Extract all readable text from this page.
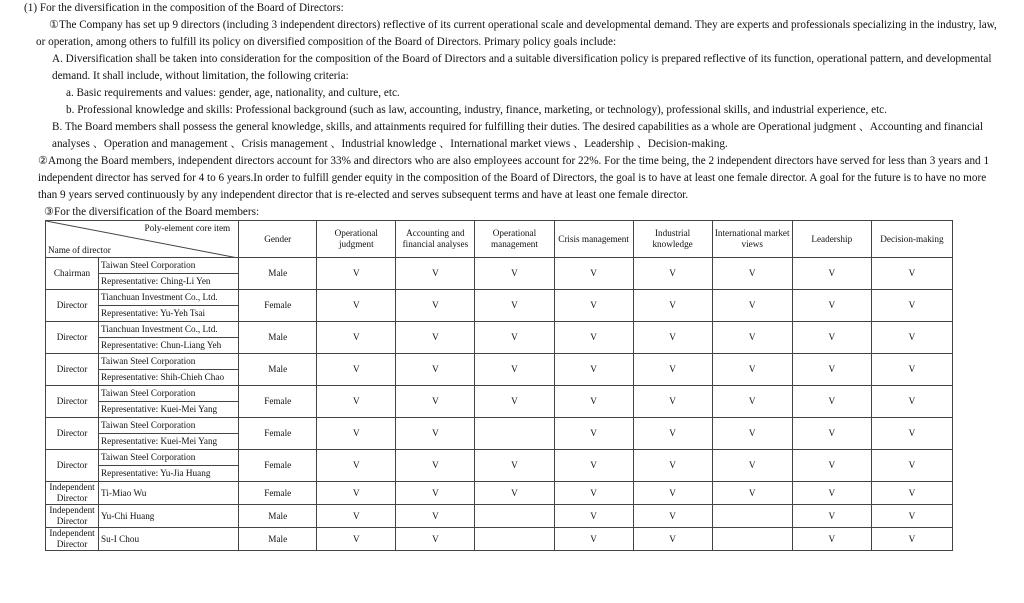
(1) For the diversification in the composition of the Board of Directors:
①The Company has set up 9 directors (including 3 independent directors) reflective of its current operational scale and developmental demand. They are experts and professionals specializing in the industry, law, or operation, among others to fulfill its policy on diversified composition of the Board of Directors. Primary policy goals include:
A. Diversification shall be taken into consideration for the composition of the Board of Directors and a suitable diversification policy is prepared reflective of its function, operational pattern, and developmental demand. It shall include, without limitation, the following criteria:
a. Basic requirements and values: gender, age, nationality, and culture, etc.
b. Professional knowledge and skills: Professional background (such as law, accounting, industry, finance, marketing, or technology), professional skills, and industrial experience, etc.
B. The Board members shall possess the general knowledge, skills, and attainments required for fulfilling their duties. The desired capabilities as a whole are Operational judgment 、Accounting and financial analyses 、Operation and management 、Crisis management 、Industrial knowledge 、International market views 、Leadership 、Decision-making.
②Among the Board members, independent directors account for 33% and directors who are also employees account for 22%. For the time being, the 2 independent directors have served for less than 3 years and 1 independent director has served for 4 to 6 years.In order to fulfill gender equity in the composition of the Board of Directors, the goal is to have at least one female director. A goal for the future is to have no more than 9 years served continuously by any independent director that is re-elected and serves subsequent terms and have at least one female director.
③For the diversification of the Board members:
Poly-element core item
Name of director		Gender	Operational judgment	Accounting and financial analyses	Operational management	Crisis management	Industrial knowledge	International market views	Leadership	Decision-making
Chairman	Taiwan Steel Corporation	Male	V	V	V	V	V	V	V	V
	Representative: Ching-Li Yen									
Director	Tianchuan Investment Co., Ltd.	Female	V	V	V	V	V	V	V	V
	Representative: Yu-Yeh Tsai									
Director	Tianchuan Investment Co., Ltd.	Male	V	V	V	V	V	V	V	V
	Representative: Chun-Liang Yeh									
Director	Taiwan Steel Corporation	Male	V	V	V	V	V	V	V	V
	Representative: Shih-Chieh Chao									
Director	Taiwan Steel Corporation	Female	V	V	V	V	V	V	V	V
	Representative: Kuei-Mei Yang									
Director	Taiwan Steel Corporation	Female	V	V		V	V	V	V	V
	Representative: Kuei-Mei Yang									
Director	Taiwan Steel Corporation	Female	V	V	V	V	V	V	V	V
	Representative: Yu-Jia Huang									
Independent Director	Ti-Miao Wu	Female	V	V	V	V	V	V	V	V
Independent Director	Yu-Chi Huang	Male	V	V		V	V		V	V
Independent Director	Su-I Chou	Male	V	V		V	V		V	V
